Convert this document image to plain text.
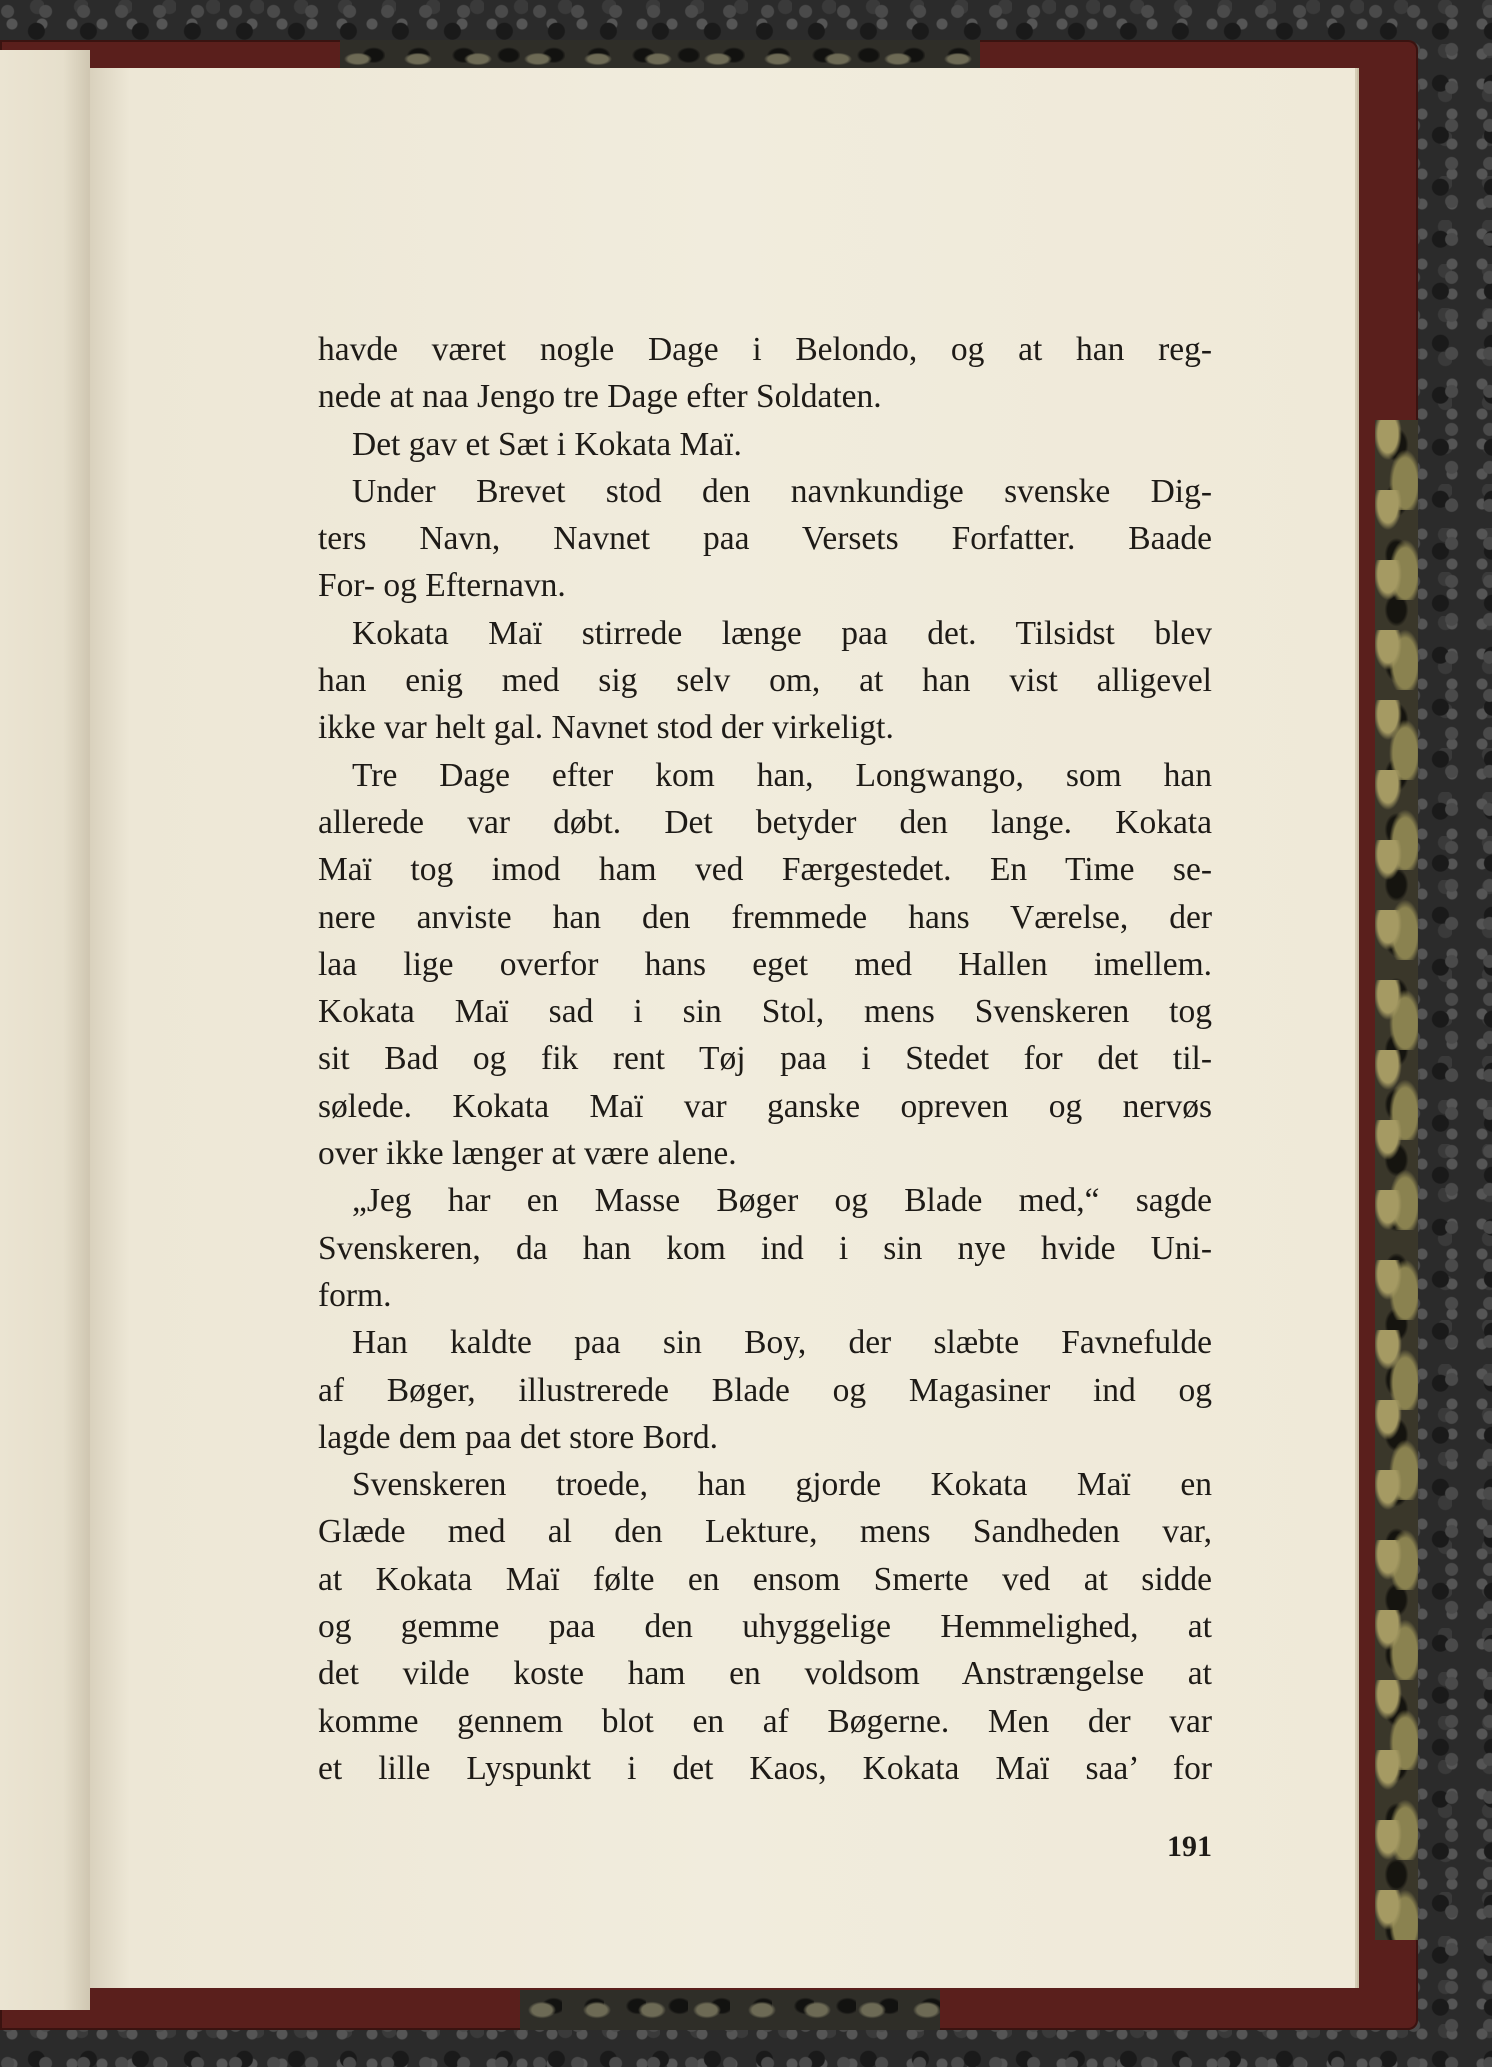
havde været nogle Dage i Belondo, og at han reg-
nede at naa Jengo tre Dage efter Soldaten.
Det gav et Sæt i Kokata Maï.
Under Brevet stod den navnkundige svenske Dig-
ters Navn, Navnet paa Versets Forfatter. Baade
For- og Efternavn.
Kokata Maï stirrede længe paa det. Tilsidst blev
han enig med sig selv om, at han vist alligevel
ikke var helt gal. Navnet stod der virkeligt.
Tre Dage efter kom han, Longwango, som han
allerede var døbt. Det betyder den lange. Kokata
Maï tog imod ham ved Færgestedet. En Time se-
nere anviste han den fremmede hans Værelse, der
laa lige overfor hans eget med Hallen imellem.
Kokata Maï sad i sin Stol, mens Svenskeren tog
sit Bad og fik rent Tøj paa i Stedet for det til-
sølede. Kokata Maï var ganske opreven og nervøs
over ikke længer at være alene.
„Jeg har en Masse Bøger og Blade med,“ sagde
Svenskeren, da han kom ind i sin nye hvide Uni-
form.
Han kaldte paa sin Boy, der slæbte Favnefulde
af Bøger, illustrerede Blade og Magasiner ind og
lagde dem paa det store Bord.
Svenskeren troede, han gjorde Kokata Maï en
Glæde med al den Lekture, mens Sandheden var,
at Kokata Maï følte en ensom Smerte ved at sidde
og gemme paa den uhyggelige Hemmelighed, at
det vilde koste ham en voldsom Anstrængelse at
komme gennem blot en af Bøgerne. Men der var
et lille Lyspunkt i det Kaos, Kokata Maï saa’ for
191
